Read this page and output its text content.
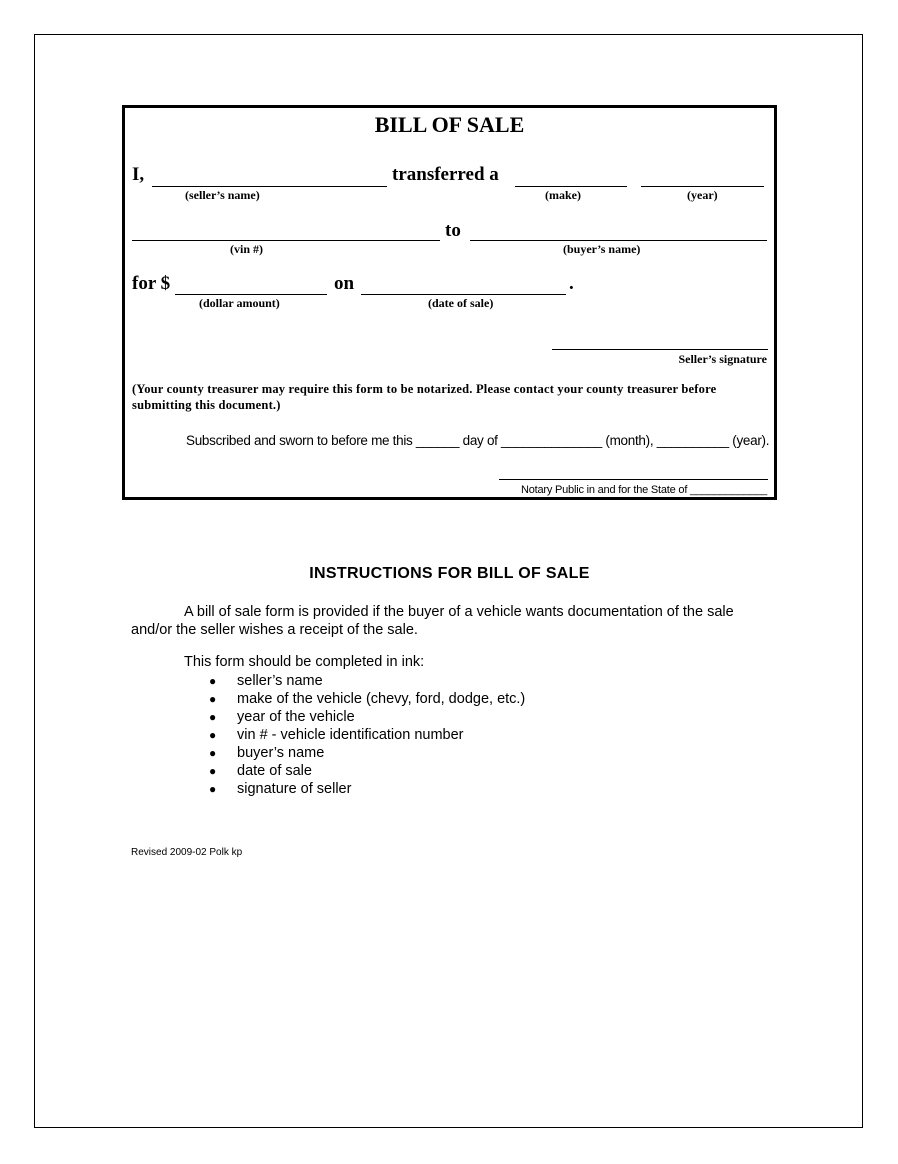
BILL OF SALE
I,	transferred a
(seller’s name)	(make)	(year)
to
(vin #)	(buyer’s name)
for $	on	.
(dollar amount)	(date of sale)
Seller’s signature
(Your county treasurer may require this form to be notarized. Please contact your county treasurer before submitting this document.)
Subscribed and sworn to before me this ______ day of ______________ (month), __________ (year).
Notary Public in and for the State of _____________
INSTRUCTIONS FOR BILL OF SALE
A bill of sale form is provided if the buyer of a vehicle wants documentation of the sale and/or the seller wishes a receipt of the sale.
This form should be completed in ink:
● seller’s name
● make of the vehicle (chevy, ford, dodge, etc.)
● year of the vehicle
● vin # - vehicle identification number
● buyer’s name
● date of sale
● signature of seller
Revised 2009-02 Polk kp
